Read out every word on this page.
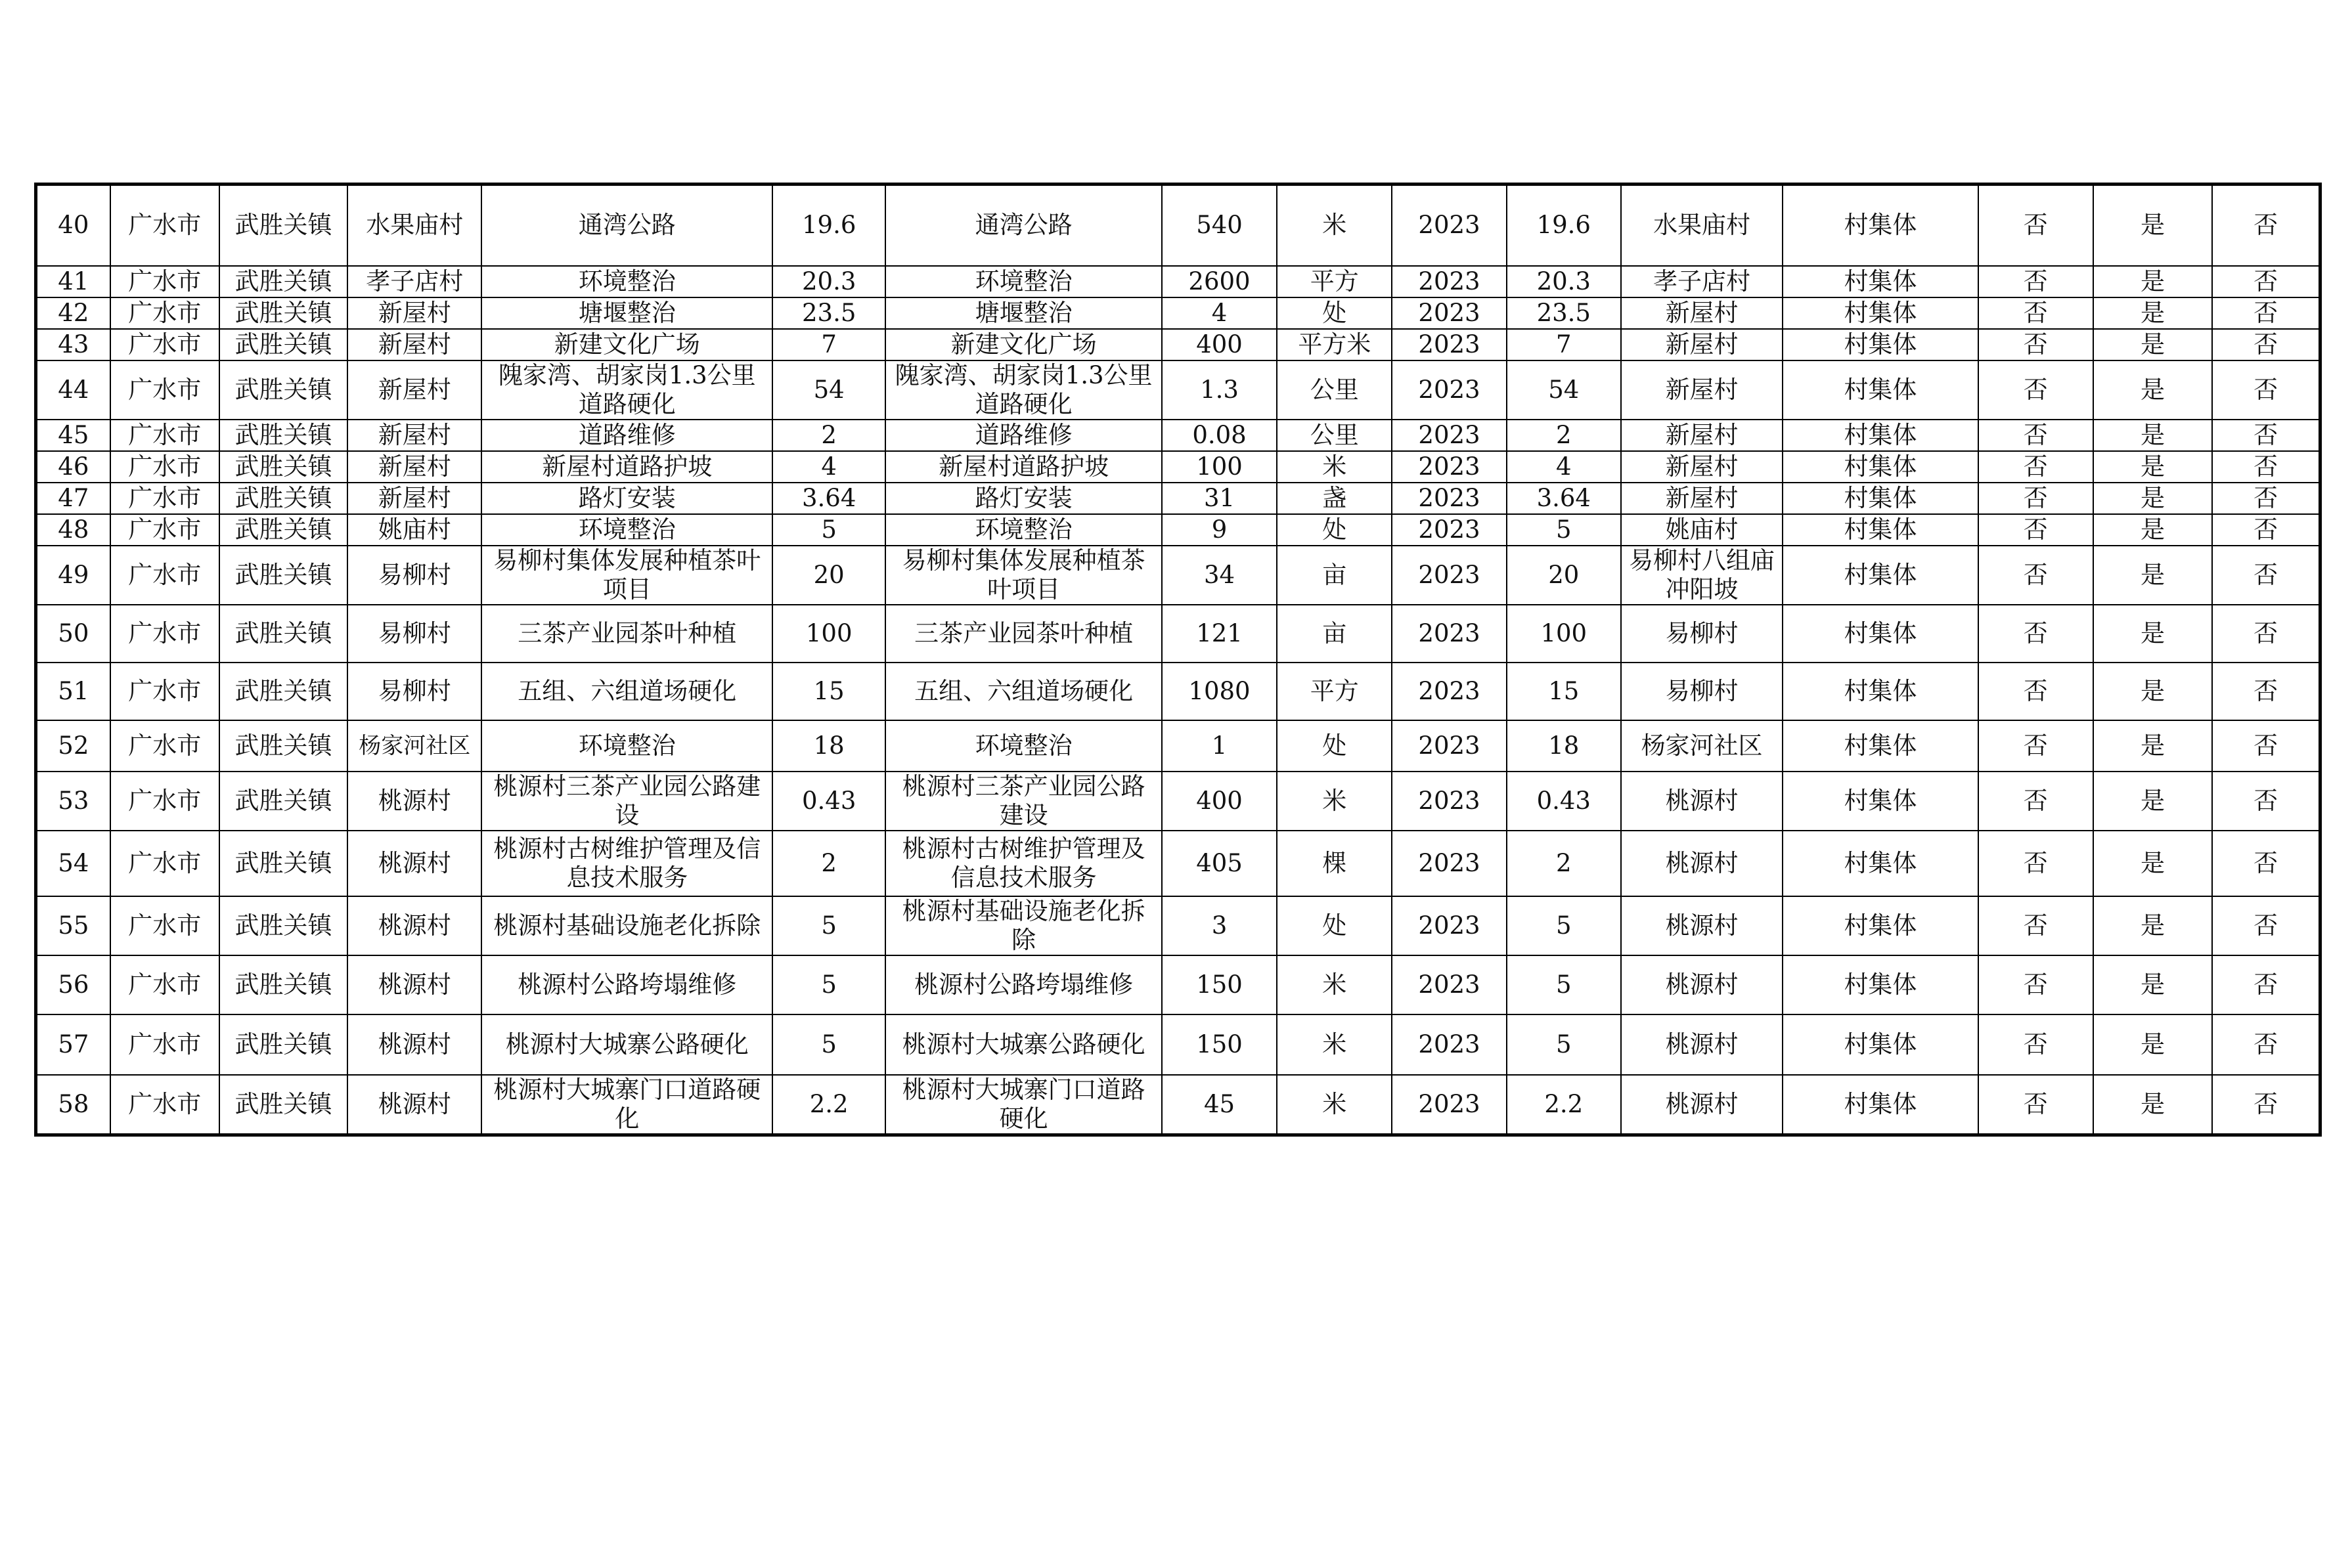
40	广水市	武胜关镇	水果庙村	通湾公路	19.6	通湾公路	540	米	2023	19.6	水果庙村	村集体	否	是	否
41	广水市	武胜关镇	孝子店村	环境整治	20.3	环境整治	2600	平方	2023	20.3	孝子店村	村集体	否	是	否
42	广水市	武胜关镇	新屋村	塘堰整治	23.5	塘堰整治	4	处	2023	23.5	新屋村	村集体	否	是	否
43	广水市	武胜关镇	新屋村	新建文化广场	7	新建文化广场	400	平方米	2023	7	新屋村	村集体	否	是	否
44	广水市	武胜关镇	新屋村	隗家湾、胡家岗1.3公里道路硬化	54	隗家湾、胡家岗1.3公里道路硬化	1.3	公里	2023	54	新屋村	村集体	否	是	否
45	广水市	武胜关镇	新屋村	道路维修	2	道路维修	0.08	公里	2023	2	新屋村	村集体	否	是	否
46	广水市	武胜关镇	新屋村	新屋村道路护坡	4	新屋村道路护坡	100	米	2023	4	新屋村	村集体	否	是	否
47	广水市	武胜关镇	新屋村	路灯安装	3.64	路灯安装	31	盏	2023	3.64	新屋村	村集体	否	是	否
48	广水市	武胜关镇	姚庙村	环境整治	5	环境整治	9	处	2023	5	姚庙村	村集体	否	是	否
49	广水市	武胜关镇	易柳村	易柳村集体发展种植茶叶项目	20	易柳村集体发展种植茶叶项目	34	亩	2023	20	易柳村八组庙冲阳坡	村集体	否	是	否
50	广水市	武胜关镇	易柳村	三茶产业园茶叶种植	100	三茶产业园茶叶种植	121	亩	2023	100	易柳村	村集体	否	是	否
51	广水市	武胜关镇	易柳村	五组、六组道场硬化	15	五组、六组道场硬化	1080	平方	2023	15	易柳村	村集体	否	是	否
52	广水市	武胜关镇	杨家河社区	环境整治	18	环境整治	1	处	2023	18	杨家河社区	村集体	否	是	否
53	广水市	武胜关镇	桃源村	桃源村三茶产业园公路建设	0.43	桃源村三茶产业园公路建设	400	米	2023	0.43	桃源村	村集体	否	是	否
54	广水市	武胜关镇	桃源村	桃源村古树维护管理及信息技术服务	2	桃源村古树维护管理及信息技术服务	405	棵	2023	2	桃源村	村集体	否	是	否
55	广水市	武胜关镇	桃源村	桃源村基础设施老化拆除	5	桃源村基础设施老化拆除	3	处	2023	5	桃源村	村集体	否	是	否
56	广水市	武胜关镇	桃源村	桃源村公路垮塌维修	5	桃源村公路垮塌维修	150	米	2023	5	桃源村	村集体	否	是	否
57	广水市	武胜关镇	桃源村	桃源村大城寨公路硬化	5	桃源村大城寨公路硬化	150	米	2023	5	桃源村	村集体	否	是	否
58	广水市	武胜关镇	桃源村	桃源村大城寨门口道路硬化	2.2	桃源村大城寨门口道路硬化	45	米	2023	2.2	桃源村	村集体	否	是	否
